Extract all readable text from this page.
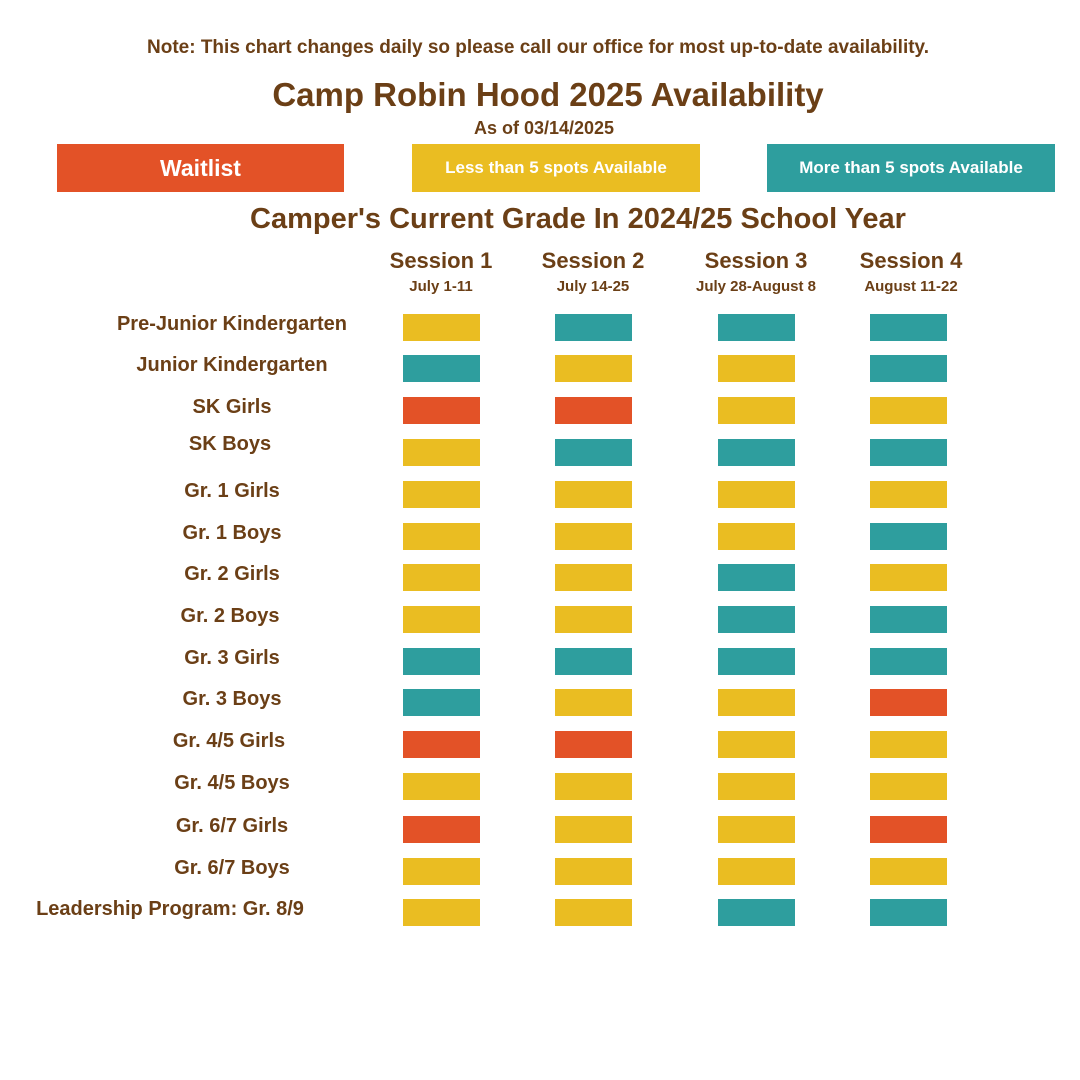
Note: This chart changes daily so please call our office for most up-to-date availability.
Camp Robin Hood 2025 Availability
As of 03/14/2025
Waitlist	Less than 5 spots Available	More than 5 spots Available
Camper's Current Grade In 2024/25 School Year
Session 1
July 1-11
Session 2
July 14-25
Session 3
July 28-August 8
Session 4
August 11-22
Pre-Junior Kindergarten
Junior Kindergarten
SK Girls
SK Boys
Gr. 1 Girls
Gr. 1 Boys
Gr. 2 Girls
Gr. 2 Boys
Gr. 3 Girls
Gr. 3 Boys
Gr. 4/5 Girls
Gr. 4/5 Boys
Gr. 6/7 Girls
Gr. 6/7 Boys
Leadership Program: Gr. 8/9
